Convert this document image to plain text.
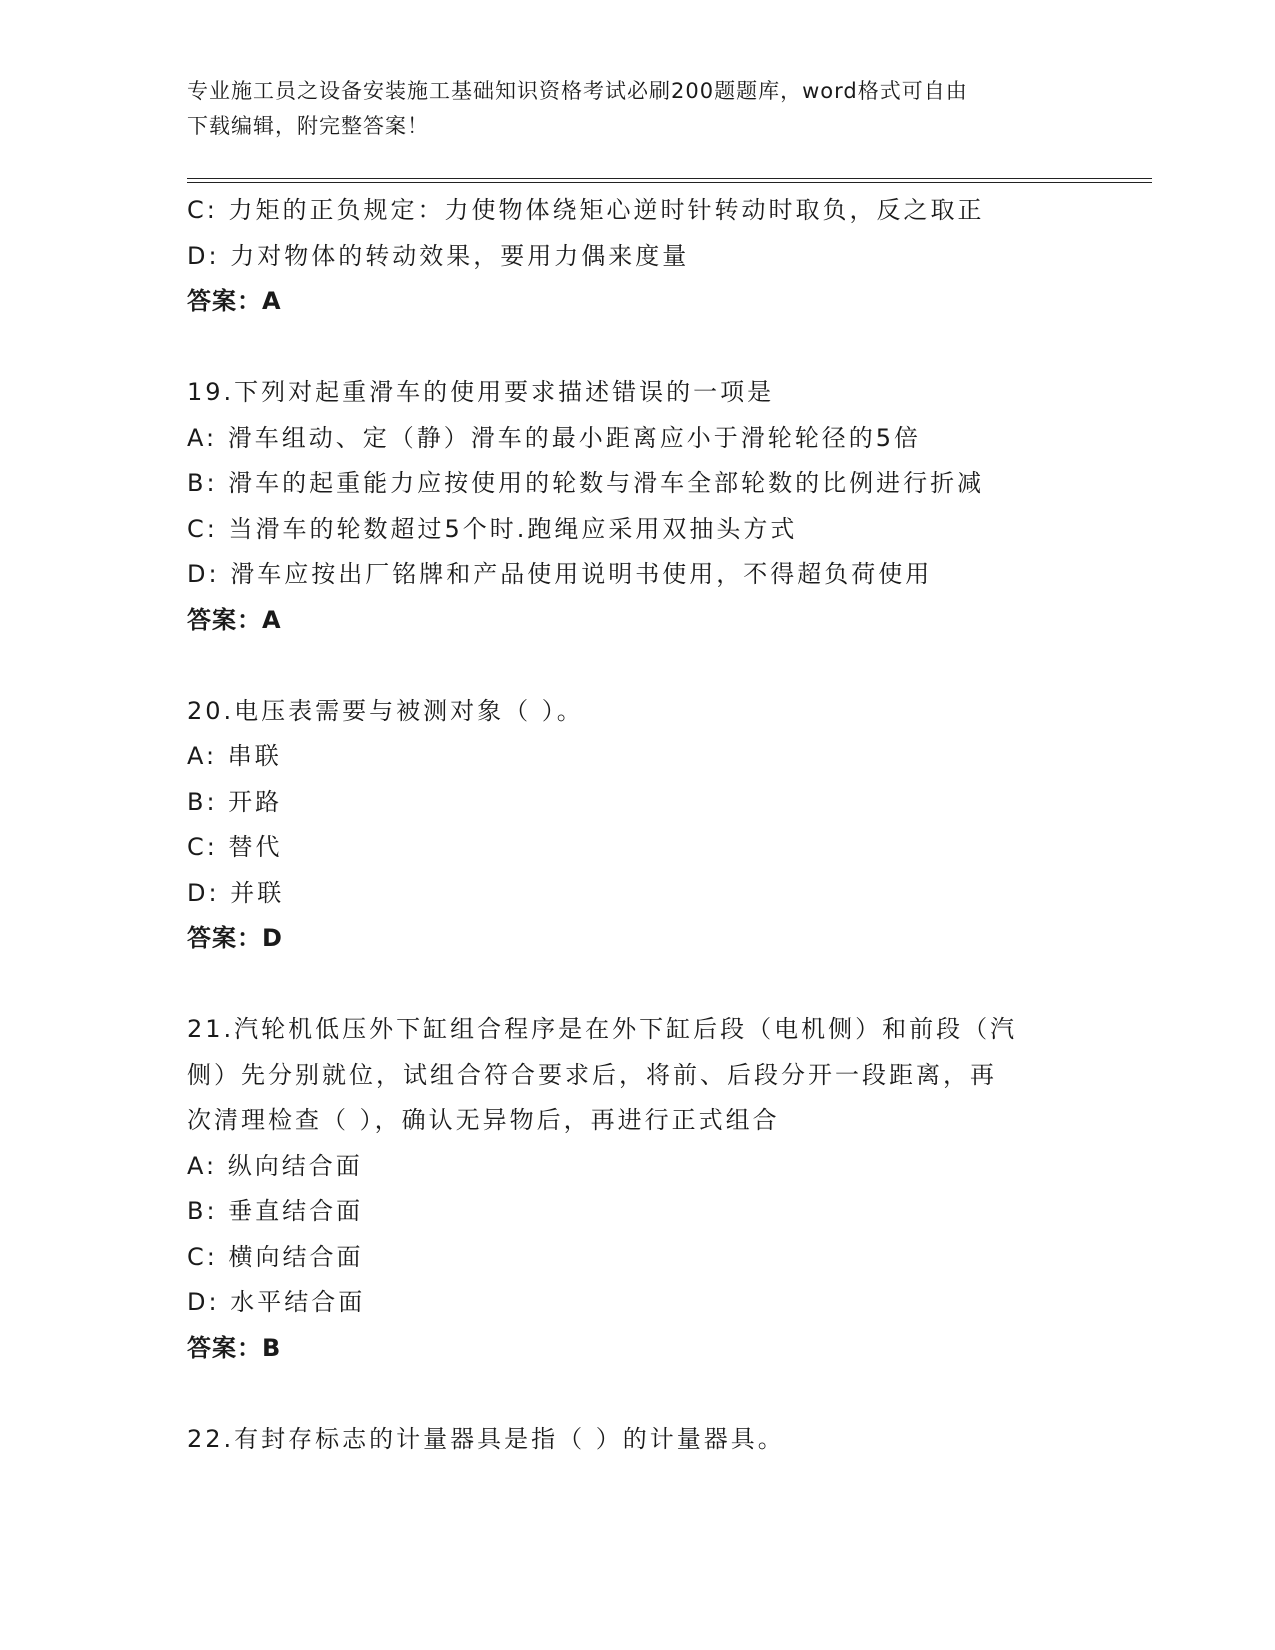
专业施工员之设备安装施工基础知识资格考试必刷200题题库，word格式可自由
下载编辑，附完整答案！
C: 力矩的正负规定：力使物体绕矩心逆时针转动时取负，反之取正
D: 力对物体的转动效果，要用力偶来度量
答案：A
19.下列对起重滑车的使用要求描述错误的一项是
A: 滑车组动、定（静）滑车的最小距离应小于滑轮轮径的5倍
B: 滑车的起重能力应按使用的轮数与滑车全部轮数的比例进行折减
C: 当滑车的轮数超过5个时.跑绳应采用双抽头方式
D: 滑车应按出厂铭牌和产品使用说明书使用，不得超负荷使用
答案：A
20.电压表需要与被测对象（ ）。
A: 串联
B: 开路
C: 替代
D: 并联
答案：D
21.汽轮机低压外下缸组合程序是在外下缸后段（电机侧）和前段（汽
侧）先分别就位，试组合符合要求后，将前、后段分开一段距离，再
次清理检查（ ），确认无异物后，再进行正式组合
A: 纵向结合面
B: 垂直结合面
C: 横向结合面
D: 水平结合面
答案：B
22.有封存标志的计量器具是指（ ）的计量器具。
